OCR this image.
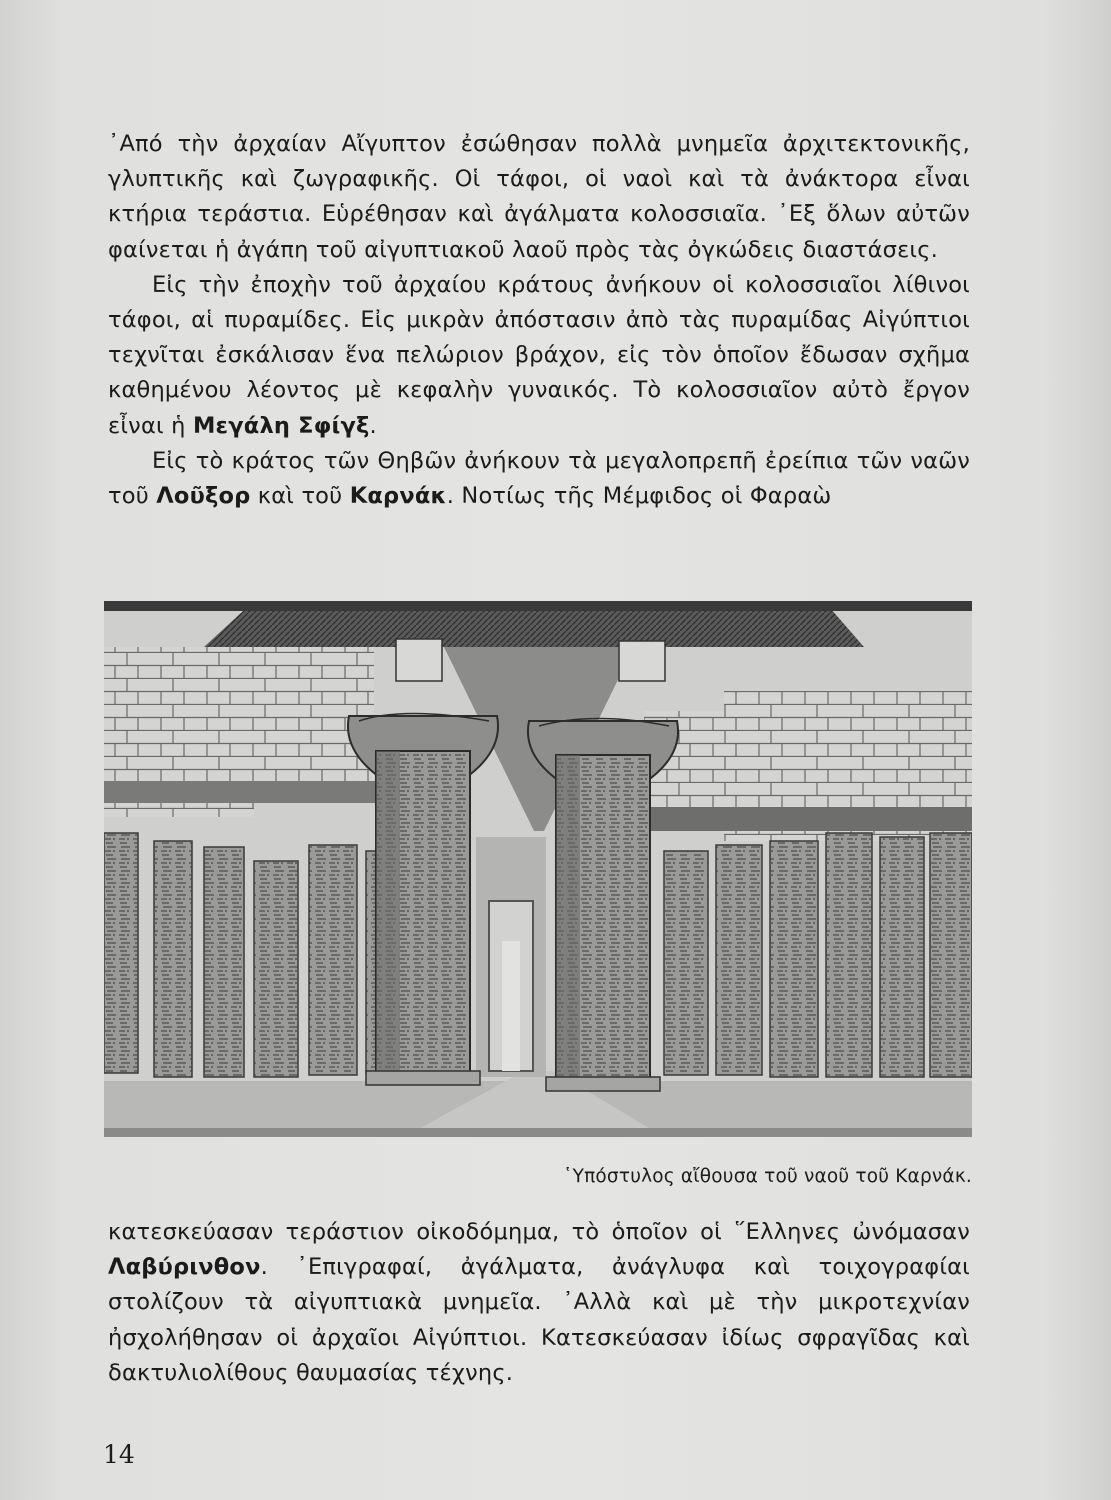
᾿Από τὴν ἀρχαίαν Αἴγυπτον ἐσώθησαν πολλὰ μνημεῖα ἀρχιτεκτονικῆς, γλυπτικῆς καὶ ζωγραφικῆς. Οἱ τάφοι, οἱ ναοὶ καὶ τὰ ἀνάκτορα εἶναι κτήρια τεράστια. Εὑρέθησαν καὶ ἀγάλματα κολοσσιαῖα. ᾿Εξ ὅλων αὐτῶν φαίνεται ἡ ἀγάπη τοῦ αἰγυπτιακοῦ λαοῦ πρὸς τὰς ὀγκώδεις διαστάσεις.

Εἰς τὴν ἐποχὴν τοῦ ἀρχαίου κράτους ἀνήκουν οἱ κολοσσιαῖοι λίθινοι τάφοι, αἱ πυραμίδες. Εἰς μικρὰν ἀπόστασιν ἀπὸ τὰς πυραμίδας Αἰγύπτιοι τεχνῖται ἐσκάλισαν ἕνα πελώριον βράχον, εἰς τὸν ὁποῖον ἔδωσαν σχῆμα καθημένου λέοντος μὲ κεφαλὴν γυναικός. Τὸ κολοσσιαῖον αὐτὸ ἔργον εἶναι ἡ Μεγάλη Σφίγξ.

Εἰς τὸ κράτος τῶν Θηβῶν ἀνήκουν τὰ μεγαλοπρεπῆ ἐρείπια τῶν ναῶν τοῦ Λοῦξορ καὶ τοῦ Καρνάκ. Νοτίως τῆς Μέμφιδος οἱ Φαραὼ

῾Υπόστυλος αἴθουσα τοῦ ναοῦ τοῦ Καρνάκ.

κατεσκεύασαν τεράστιον οἰκοδόμημα, τὸ ὁποῖον οἱ ῞Ελληνες ὠνόμασαν Λαβύρινθον. ᾿Επιγραφαί, ἀγάλματα, ἀνάγλυφα καὶ τοιχογραφίαι στολίζουν τὰ αἰγυπτιακὰ μνημεῖα. ᾿Αλλὰ καὶ μὲ τὴν μικροτεχνίαν ἠσχολήθησαν οἱ ἀρχαῖοι Αἰγύπτιοι. Κατεσκεύασαν ἰδίως σφραγῖδας καὶ δακτυλιολίθους θαυμασίας τέχνης.

14
